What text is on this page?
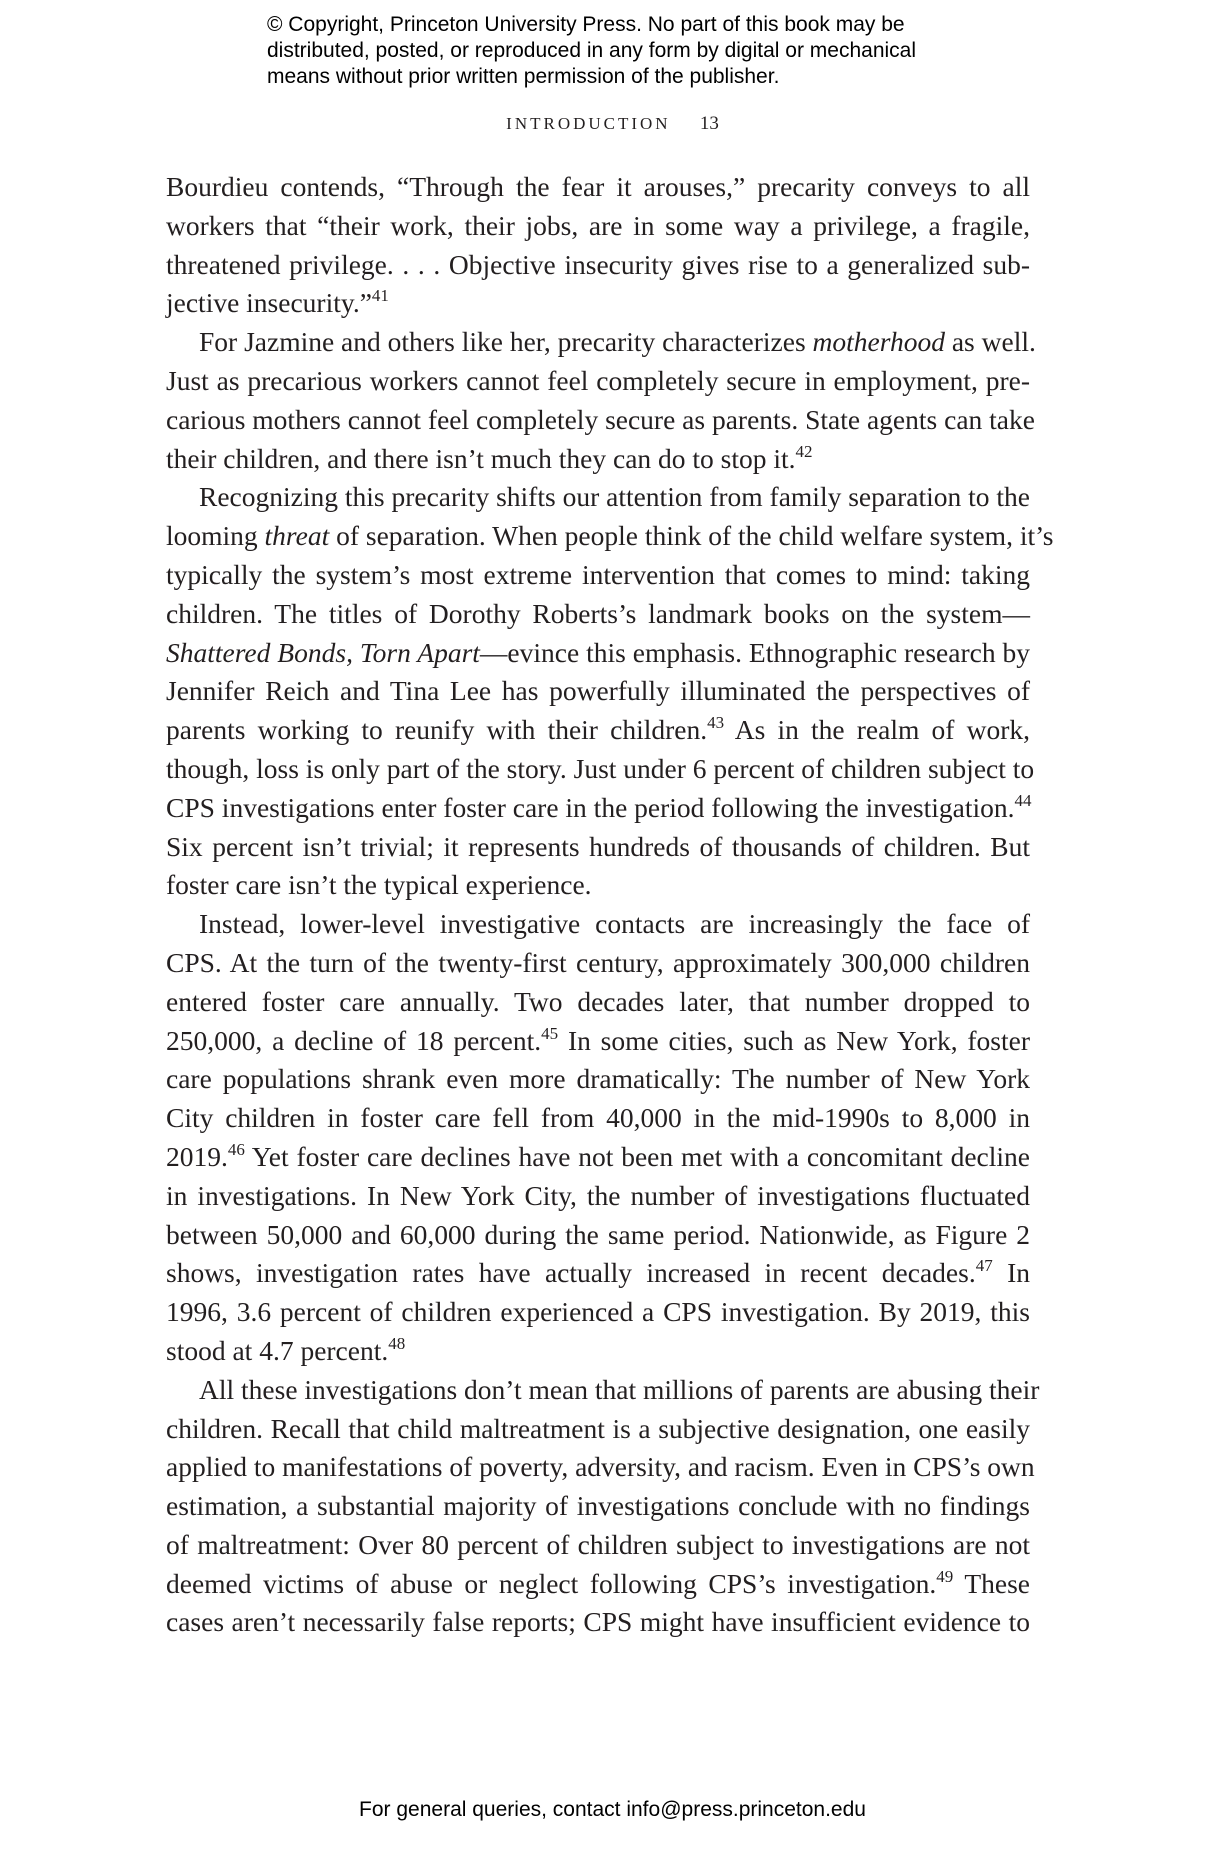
© Copyright, Princeton University Press. No part of this book may be
distributed, posted, or reproduced in any form by digital or mechanical
means without prior written permission of the publisher.
INTRODUCTION 13
Bourdieu contends, “Through the fear it arouses,” precarity conveys to all
workers that “their work, their jobs, are in some way a privilege, a fragile,
threatened privilege. . . . Objective insecurity gives rise to a generalized sub-
jective insecurity.”$^{41}$
For Jazmine and others like her, precarity characterizes motherhood as well.
Just as precarious workers cannot feel completely secure in employment, pre-
carious mothers cannot feel completely secure as parents. State agents can take
their children, and there isn’t much they can do to stop it.$^{42}$
Recognizing this precarity shifts our attention from family separation to the
looming threat of separation. When people think of the child welfare system, it’s
typically the system’s most extreme intervention that comes to mind: taking
children. The titles of Dorothy Roberts’s landmark books on the system—
Shattered Bonds, Torn Apart—evince this emphasis. Ethnographic research by
Jennifer Reich and Tina Lee has powerfully illuminated the perspectives of
parents working to reunify with their children.$^{43}$ As in the realm of work,
though, loss is only part of the story. Just under 6 percent of children subject to
CPS investigations enter foster care in the period following the investigation.$^{44}$
Six percent isn’t trivial; it represents hundreds of thousands of children. But
foster care isn’t the typical experience.
Instead, lower-level investigative contacts are increasingly the face of
CPS. At the turn of the twenty-first century, approximately 300,000 children
entered foster care annually. Two decades later, that number dropped to
250,000, a decline of 18 percent.$^{45}$ In some cities, such as New York, foster
care populations shrank even more dramatically: The number of New York
City children in foster care fell from 40,000 in the mid-1990s to 8,000 in
2019.46 Yet foster care declines have not been met with a concomitant decline
in investigations. In New York City, the number of investigations fluctuated
between 50,000 and 60,000 during the same period. Nationwide, as Figure 2
shows, investigation rates have actually increased in recent decades.$^{47}$ In
1996, 3.6 percent of children experienced a CPS investigation. By 2019, this
stood at 4.7 percent.$^{48}$
All these investigations don’t mean that millions of parents are abusing their
children. Recall that child maltreatment is a subjective designation, one easily
applied to manifestations of poverty, adversity, and racism. Even in CPS’s own
estimation, a substantial majority of investigations conclude with no findings
of maltreatment: Over 80 percent of children subject to investigations are not
deemed victims of abuse or neglect following CPS’s investigation.$^{49}$ These
cases aren’t necessarily false reports; CPS might have insufficient evidence to
For general queries, contact info@press.princeton.edu
